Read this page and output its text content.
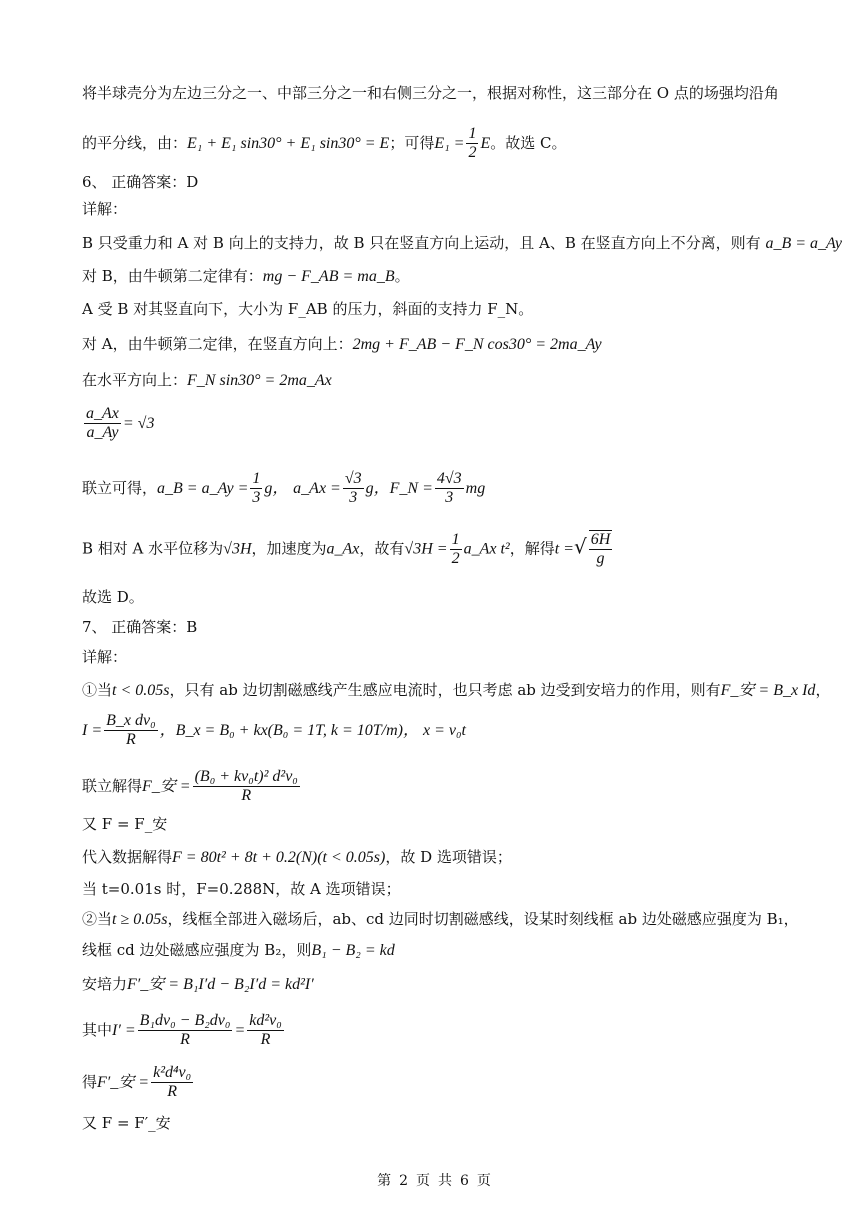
将半球壳分为左边三分之一、中部三分之一和右侧三分之一，根据对称性，这三部分在 O 点的场强均沿角
的平分线，由：E₁ + E₁ sin30° + E₁ sin30° = E；可得$E_1 = \frac{1}{2}$ E。故选 C。
6、 正确答案：D
详解：
B 只受重力和 A 对 B 向上的支持力，故 B 只在竖直方向上运动，且 A、B 在竖直方向上不分离，则有 a_B = a_Ay
对 B，由牛顿第二定律有：mg − F_AB = ma_B。
A 受 B 对其竖直向下，大小为 F_AB 的压力，斜面的支持力 F_N。
对 A，由牛顿第二定律，在竖直方向上：2mg + F_AB − F_N cos30° = 2ma_Ay
在水平方向上：F_N sin30° = 2ma_Ax
$\frac{a\_Ax}{a\_Ay} = √3$
联立可得，a_B = a_Ay = $\frac{1}{3}$ g， a_Ax = $\frac{√3}{3}$ g，F_N = $\frac{4√3}{3}$ mg
B 相对 A 水平位移为√3H，加速度为a_Ax，故有$√3H = \frac{1}{2}$ a_Ax t²，解得t =√ $\frac{6H}{g}$
故选 D。
7、 正确答案：B
详解：
①当t < 0.05s，只有 ab 边切割磁感线产生感应电流时，也只考虑 ab 边受到安培力的作用，则有F_安 = B_x Id，
$I = \frac{\text{B\_x dv₀}}{R}$ ，B_x = B₀ + kx(B₀ = 1T, k = 10T/m)， x = v₀t
联立解得F_安 = $\frac{\text{(B₀ + kv₀t)² d²v₀}}{R}$
又 F = F_安
代入数据解得F = 80t² + 8t + 0.2(N)(t < 0.05s)，故 D 选项错误；
当 t=0.01s 时，F=0.288N，故 A 选项错误；
②当t ≥ 0.05s，线框全部进入磁场后，ab、cd 边同时切割磁感线，设某时刻线框 ab 边处磁感应强度为 B₁，
线框 cd 边处磁感应强度为 B₂，则B₁ − B₂ = kd
安培力F′_安 = B₁I′d − B₂I′d = kd²I′
其中$I' = \frac{\text{B₁dv₀ − B₂dv₀}}{R} = \frac{\text{kd²v₀}}{R}$
得F′_安 = $\frac{\text{k²d⁴v₀}}{R}$
又 F = F′_安
第 2 页 共 6 页
